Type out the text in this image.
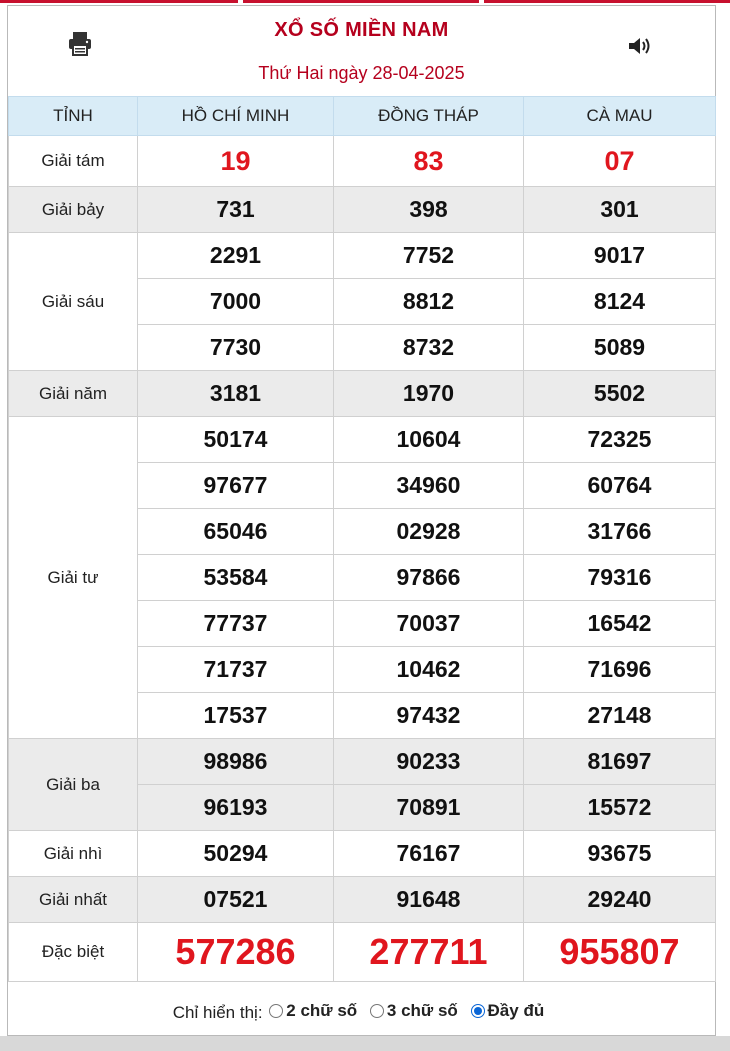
XỔ SỐ MIỀN NAM
Thứ Hai ngày 28-04-2025
TỈNH	HỒ CHÍ MINH	ĐỒNG THÁP	CÀ MAU
Giải tám	19	83	07
Giải bảy	731	398	301
Giải sáu	2291	7752	9017
	7000	8812	8124
	7730	8732	5089
Giải năm	3181	1970	5502
Giải tư	50174	10604	72325
	97677	34960	60764
	65046	02928	31766
	53584	97866	79316
	77737	70037	16542
	71737	10462	71696
	17537	97432	27148
Giải ba	98986	90233	81697
	96193	70891	15572
Giải nhì	50294	76167	93675
Giải nhất	07521	91648	29240
Đặc biệt	577286	277711	955807
Chỉ hiển thị: 2 chữ số
3 chữ số
Đầy đủ
